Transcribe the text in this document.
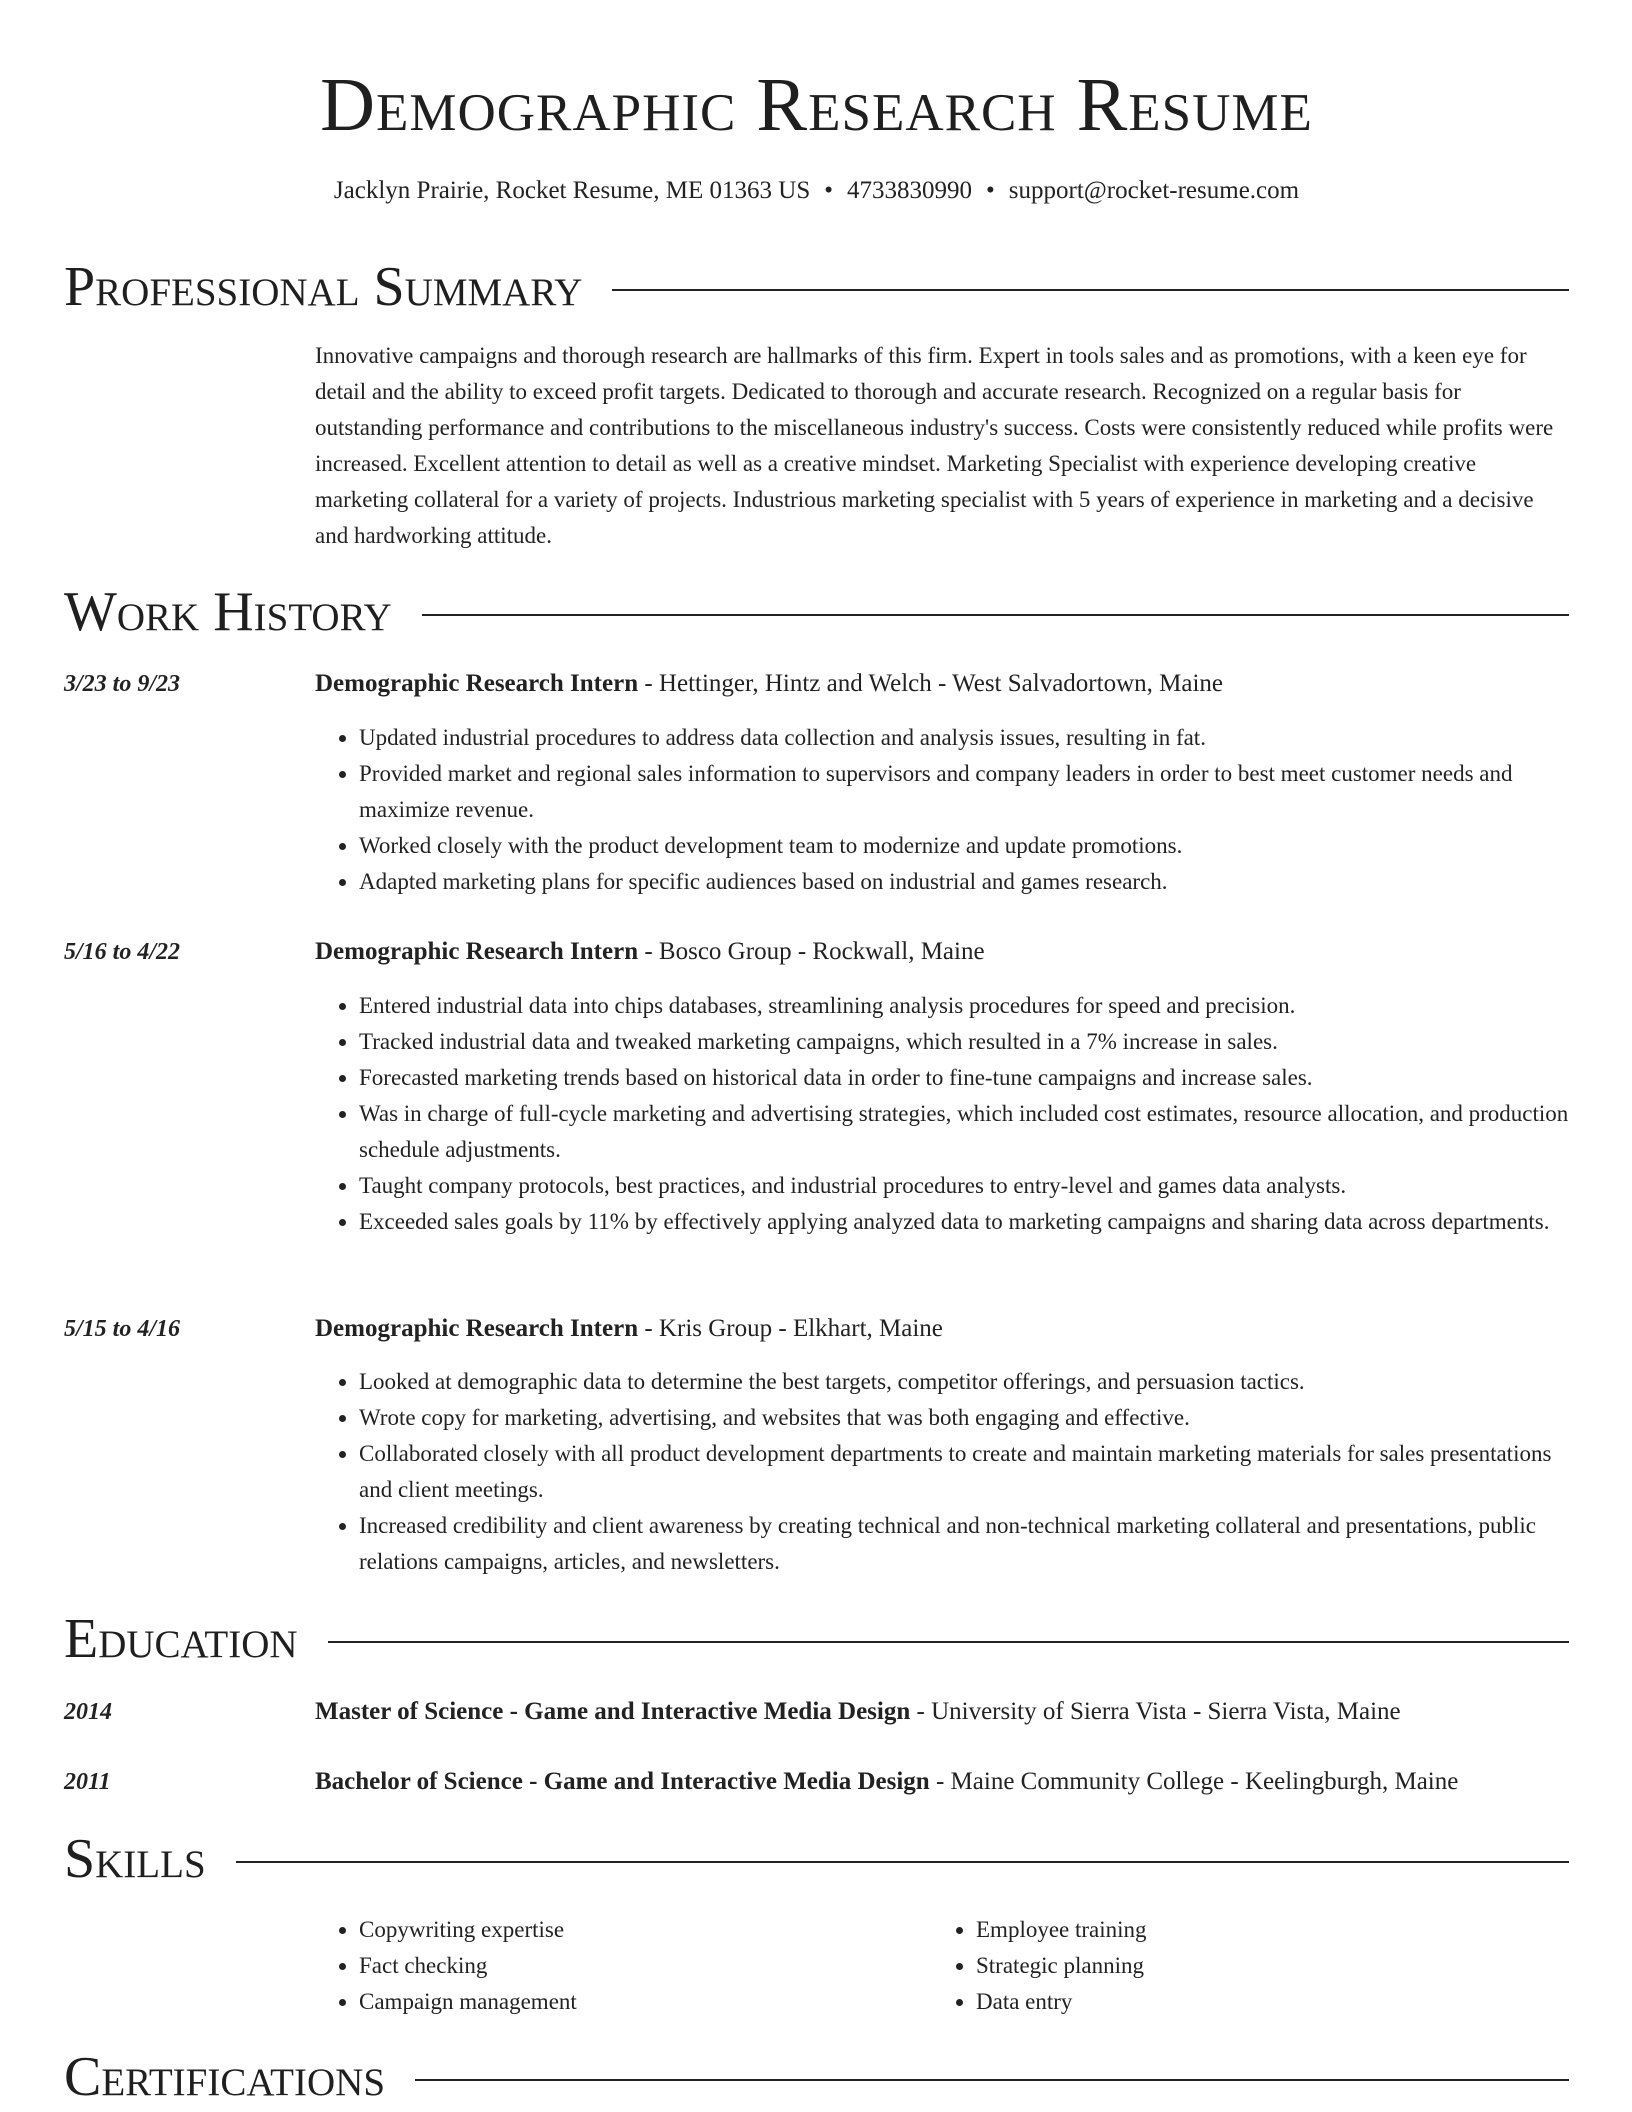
Demographic Research Resume
Jacklyn Prairie, Rocket Resume, ME 01363 US • 4733830990 • support@rocket-resume.com
Professional Summary

Innovative campaigns and thorough research are hallmarks of this firm. Expert in tools sales and as promotions, with a keen eye for detail and the ability to exceed profit targets. Dedicated to thorough and accurate research. Recognized on a regular basis for outstanding performance and contributions to the miscellaneous industry's success. Costs were consistently reduced while profits were increased. Excellent attention to detail as well as a creative mindset. Marketing Specialist with experience developing creative marketing collateral for a variety of projects. Industrious marketing specialist with 5 years of experience in marketing and a decisive and hardworking attitude.

Work History
3/23 to 9/23	Demographic Research Intern - Hettinger, Hintz and Welch - West Salvadortown, Maine
• Updated industrial procedures to address data collection and analysis issues, resulting in fat.
• Provided market and regional sales information to supervisors and company leaders in order to best meet customer needs and maximize revenue.
• Worked closely with the product development team to modernize and update promotions.
• Adapted marketing plans for specific audiences based on industrial and games research.
5/16 to 4/22	Demographic Research Intern - Bosco Group - Rockwall, Maine
• Entered industrial data into chips databases, streamlining analysis procedures for speed and precision.
• Tracked industrial data and tweaked marketing campaigns, which resulted in a 7% increase in sales.
• Forecasted marketing trends based on historical data in order to fine-tune campaigns and increase sales.
• Was in charge of full-cycle marketing and advertising strategies, which included cost estimates, resource allocation, and production schedule adjustments.
• Taught company protocols, best practices, and industrial procedures to entry-level and games data analysts.
• Exceeded sales goals by 11% by effectively applying analyzed data to marketing campaigns and sharing data across departments.
5/15 to 4/16	Demographic Research Intern - Kris Group - Elkhart, Maine
• Looked at demographic data to determine the best targets, competitor offerings, and persuasion tactics.
• Wrote copy for marketing, advertising, and websites that was both engaging and effective.
• Collaborated closely with all product development departments to create and maintain marketing materials for sales presentations and client meetings.
• Increased credibility and client awareness by creating technical and non-technical marketing collateral and presentations, public relations campaigns, articles, and newsletters.
Education
2014	Master of Science - Game and Interactive Media Design - University of Sierra Vista - Sierra Vista, Maine
2011	Bachelor of Science - Game and Interactive Media Design - Maine Community College - Keelingburgh, Maine
Skills
• Copywriting expertise
• Fact checking
• Campaign management
• Employee training
• Strategic planning
• Data entry
Certifications
